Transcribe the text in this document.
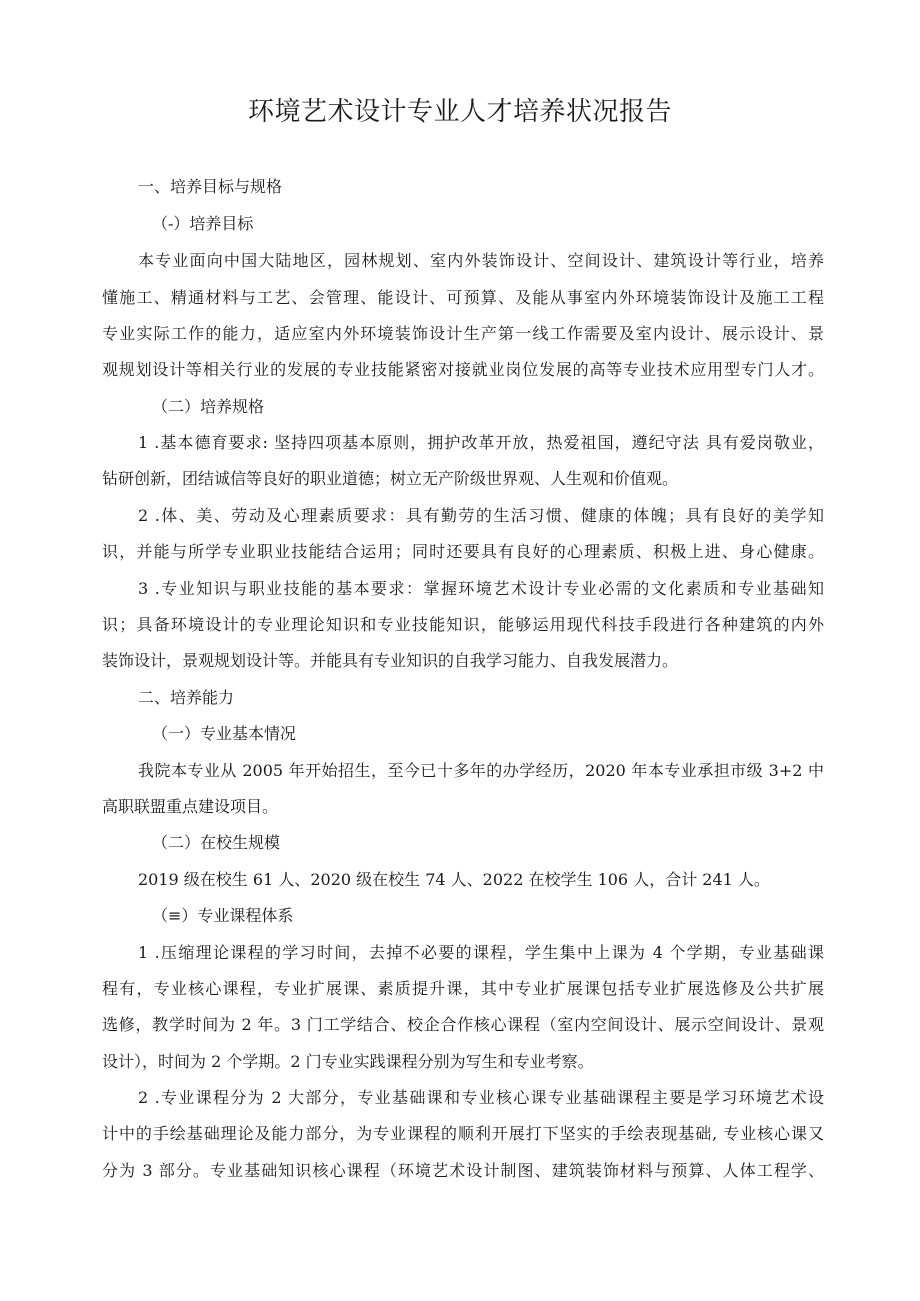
环境艺术设计专业人才培养状况报告

一、培养目标与规格

（-）培养目标

本专业面向中国大陆地区，园林规划、室内外装饰设计、空间设计、建筑设计等行业，培养

懂施工、精通材料与工艺、会管理、能设计、可预算、及能从事室内外环境装饰设计及施工工程

专业实际工作的能力，适应室内外环境装饰设计生产第一线工作需要及室内设计、展示设计、景

观规划设计等相关行业的发展的专业技能紧密对接就业岗位发展的高等专业技术应用型专门人才。

（二）培养规格

1 .基本德育要求: 坚持四项基本原则，拥护改革开放，热爱祖国，遵纪守法 具有爱岗敬业，

钻研创新，团结诚信等良好的职业道德；树立无产阶级世界观、人生观和价值观。

2 .体、美、劳动及心理素质要求：具有勤劳的生活习惯、健康的体魄；具有良好的美学知

识，并能与所学专业职业技能结合运用；同时还要具有良好的心理素质、积极上进、身心健康。

3 .专业知识与职业技能的基本要求：掌握环境艺术设计专业必需的文化素质和专业基础知

识；具备环境设计的专业理论知识和专业技能知识，能够运用现代科技手段进行各种建筑的内外

装饰设计，景观规划设计等。并能具有专业知识的自我学习能力、自我发展潜力。

二、培养能力

（一）专业基本情况

我院本专业从 2005 年开始招生，至今已十多年的办学经历，2020 年本专业承担市级 3+2 中

高职联盟重点建设项目。

（二）在校生规模

2019 级在校生 61 人、2020 级在校生 74 人、2022 在校学生 106 人，合计 241 人。

（≡）专业课程体系

1 .压缩理论课程的学习时间，去掉不必要的课程，学生集中上课为 4 个学期，专业基础课

程有，专业核心课程，专业扩展课、素质提升课，其中专业扩展课包括专业扩展选修及公共扩展

选修，教学时间为 2 年。3 门工学结合、校企合作核心课程（室内空间设计、展示空间设计、景观

设计），时间为 2 个学期。2 门专业实践课程分别为写生和专业考察。

2 .专业课程分为 2 大部分，专业基础课和专业核心课专业基础课程主要是学习环境艺术设

计中的手绘基础理论及能力部分，为专业课程的顺利开展打下坚实的手绘表现基础, 专业核心课又

分为 3 部分。专业基础知识核心课程（环境艺术设计制图、建筑装饰材料与预算、人体工程学、
